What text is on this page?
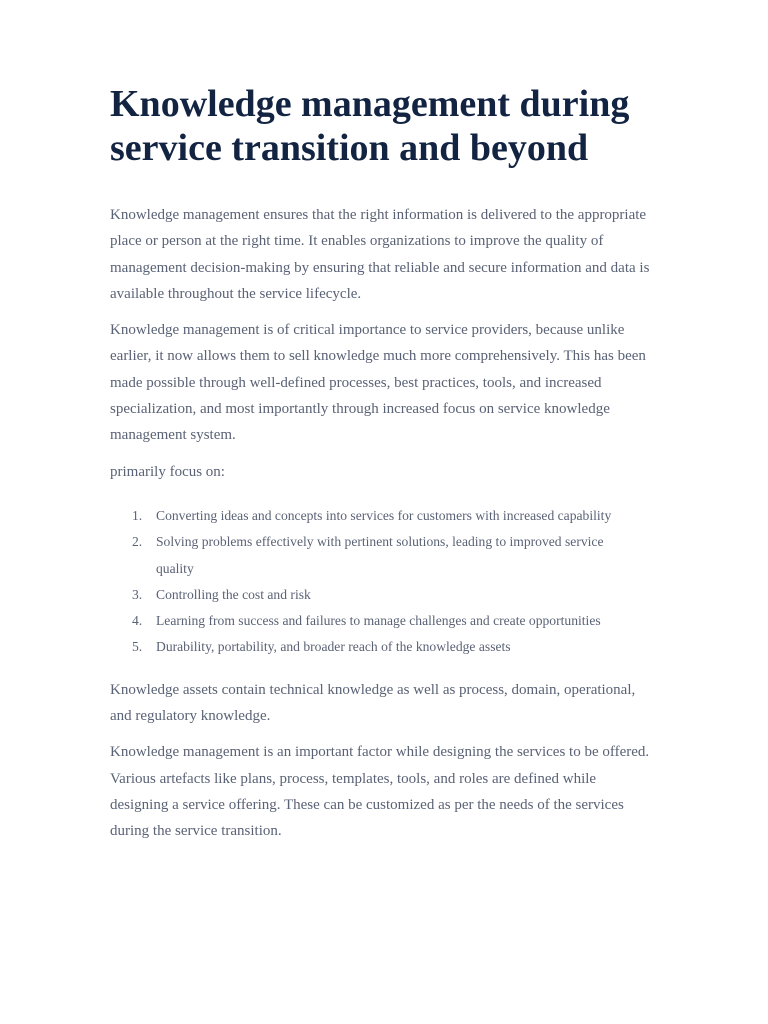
Knowledge management during service transition and beyond

Knowledge management ensures that the right information is delivered to the appropriate place or person at the right time. It enables organizations to improve the quality of management decision-making by ensuring that reliable and secure information and data is available throughout the service lifecycle.

Knowledge management is of critical importance to service providers, because unlike earlier, it now allows them to sell knowledge much more comprehensively. This has been made possible through well-defined processes, best practices, tools, and increased specialization, and most importantly through increased focus on service knowledge management system.

primarily focus on:

1.	Converting ideas and concepts into services for customers with increased capability
2.	Solving problems effectively with pertinent solutions, leading to improved service quality
3.	Controlling the cost and risk
4.	Learning from success and failures to manage challenges and create opportunities
5.	Durability, portability, and broader reach of the knowledge assets

Knowledge assets contain technical knowledge as well as process, domain, operational, and regulatory knowledge.

Knowledge management is an important factor while designing the services to be offered. Various artefacts like plans, process, templates, tools, and roles are defined while designing a service offering. These can be customized as per the needs of the services during the service transition.
